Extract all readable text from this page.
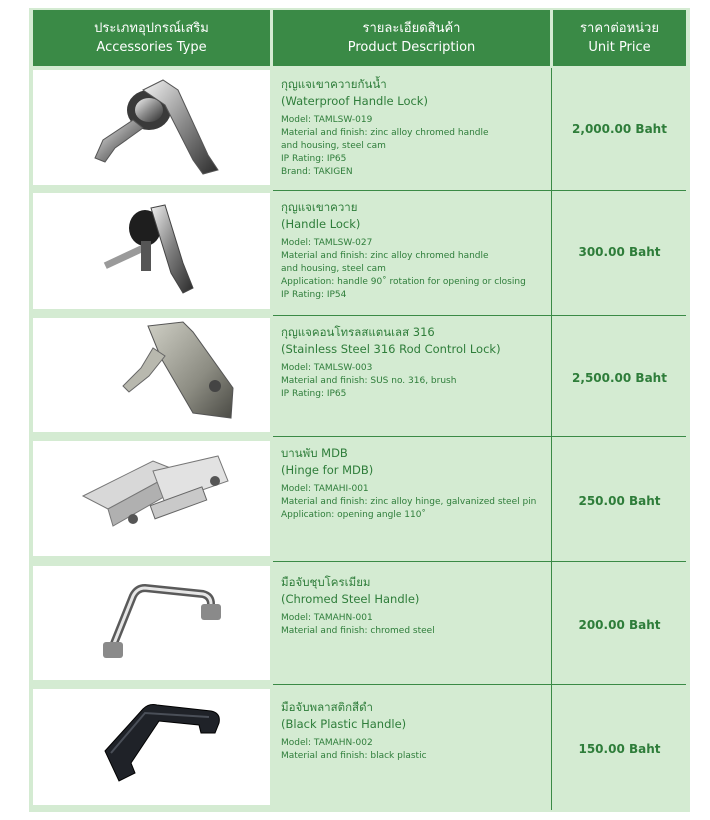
ประเภทอุปกรณ์เสริม
Accessories Type
รายละเอียดสินค้า
Product Description
ราคาต่อหน่วย
Unit Price
กุญแจเขาควายกันน้ำ
(Waterproof Handle Lock)
Model: TAMLSW-019
Material and finish: zinc alloy chromed handle
and housing, steel cam
IP Rating: IP65
Brand: TAKIGEN
2,000.00 Baht
กุญแจเขาควาย
(Handle Lock)
Model: TAMLSW-027
Material and finish: zinc alloy chromed handle
and housing, steel cam
Application: handle 90˚ rotation for opening or closing
IP Rating: IP54
300.00 Baht
กุญแจคอนโทรลสแตนเลส 316
(Stainless Steel 316 Rod Control Lock)
Model: TAMLSW-003
Material and finish: SUS no. 316, brush
IP Rating: IP65
2,500.00 Baht
บานพับ MDB
(Hinge for MDB)
Model: TAMAHI-001
Material and finish: zinc alloy hinge, galvanized steel pin
Application: opening angle 110˚
250.00 Baht
มือจับชุบโครเมียม
(Chromed Steel Handle)
Model: TAMAHN-001
Material and finish: chromed steel	200.00 Baht
มือจับพลาสติกสีดำ
(Black Plastic Handle)
Model: TAMAHN-002
Material and finish: black plastic	150.00 Baht
